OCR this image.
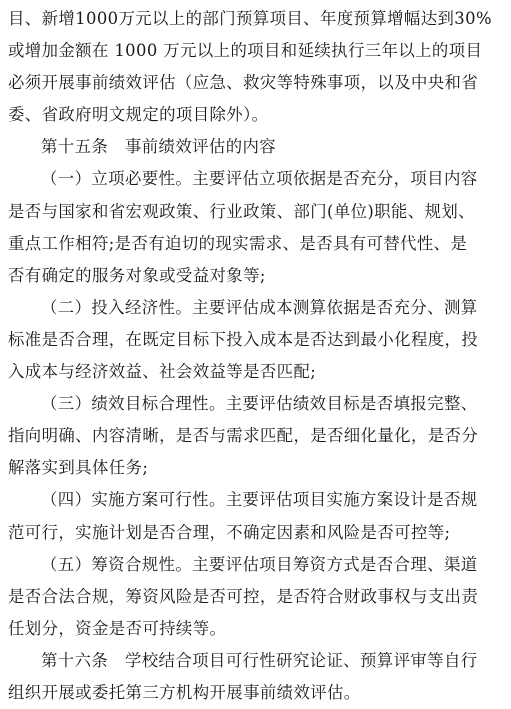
目、新增1000万元以上的部门预算项目、年度预算增幅达到30%
或增加金额在 1000 万元以上的项目和延续执行三年以上的项目
必须开展事前绩效评估（应急、救灾等特殊事项，以及中央和省
委、省政府明文规定的项目除外）。
第十五条　事前绩效评估的内容
（一）立项必要性。主要评估立项依据是否充分，项目内容
是否与国家和省宏观政策、行业政策、部门(单位)职能、规划、
重点工作相符;是否有迫切的现实需求、是否具有可替代性、是
否有确定的服务对象或受益对象等;
（二）投入经济性。主要评估成本测算依据是否充分、测算
标准是否合理，在既定目标下投入成本是否达到最小化程度，投
入成本与经济效益、社会效益等是否匹配;
（三）绩效目标合理性。主要评估绩效目标是否填报完整、
指向明确、内容清晰，是否与需求匹配，是否细化量化，是否分
解落实到具体任务;
（四）实施方案可行性。主要评估项目实施方案设计是否规
范可行，实施计划是否合理，不确定因素和风险是否可控等;
（五）筹资合规性。主要评估项目筹资方式是否合理、渠道
是否合法合规，筹资风险是否可控，是否符合财政事权与支出责
任划分，资金是否可持续等。
第十六条　学校结合项目可行性研究论证、预算评审等自行
组织开展或委托第三方机构开展事前绩效评估。
